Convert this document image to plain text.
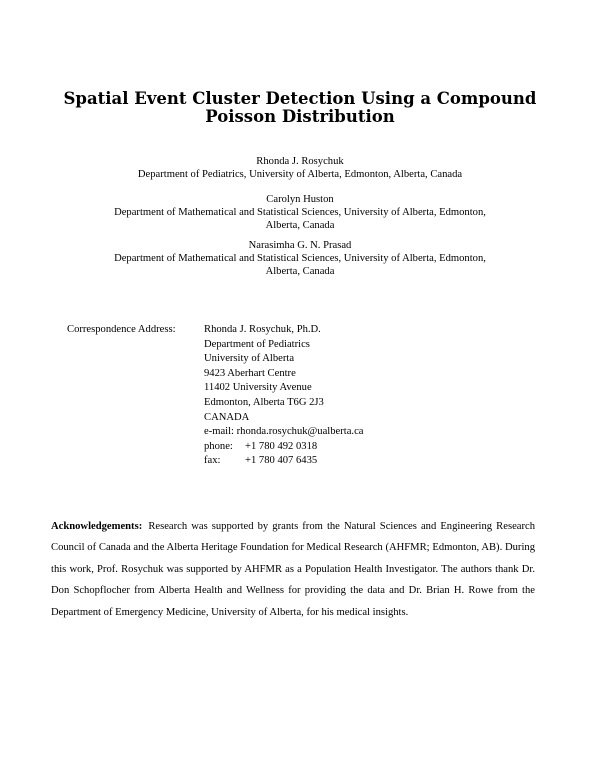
Spatial Event Cluster Detection Using a Compound
Poisson Distribution
Rhonda J. Rosychuk
Department of Pediatrics, University of Alberta, Edmonton, Alberta, Canada
Carolyn Huston
Department of Mathematical and Statistical Sciences, University of Alberta, Edmonton,
Alberta, Canada
Narasimha G. N. Prasad
Department of Mathematical and Statistical Sciences, University of Alberta, Edmonton,
Alberta, Canada
Correspondence Address:	Rhonda J. Rosychuk, Ph.D.
Department of Pediatrics
University of Alberta
9423 Aberhart Centre
11402 University Avenue
Edmonton, Alberta T6G 2J3
CANADA
e-mail: rhonda.rosychuk@ualberta.ca
phone:	+1 780 492 0318
fax:	+1 780 407 6435
Acknowledgements: Research was supported by grants from the Natural Sciences and Engineering Research Council of Canada and the Alberta Heritage Foundation for Medical Research (AHFMR; Edmonton, AB). During this work, Prof. Rosychuk was supported by AHFMR as a Population Health Investigator. The authors thank Dr. Don Schopflocher from Alberta Health and Wellness for providing the data and Dr. Brian H. Rowe from the Department of Emergency Medicine, University of Alberta, for his medical insights.
